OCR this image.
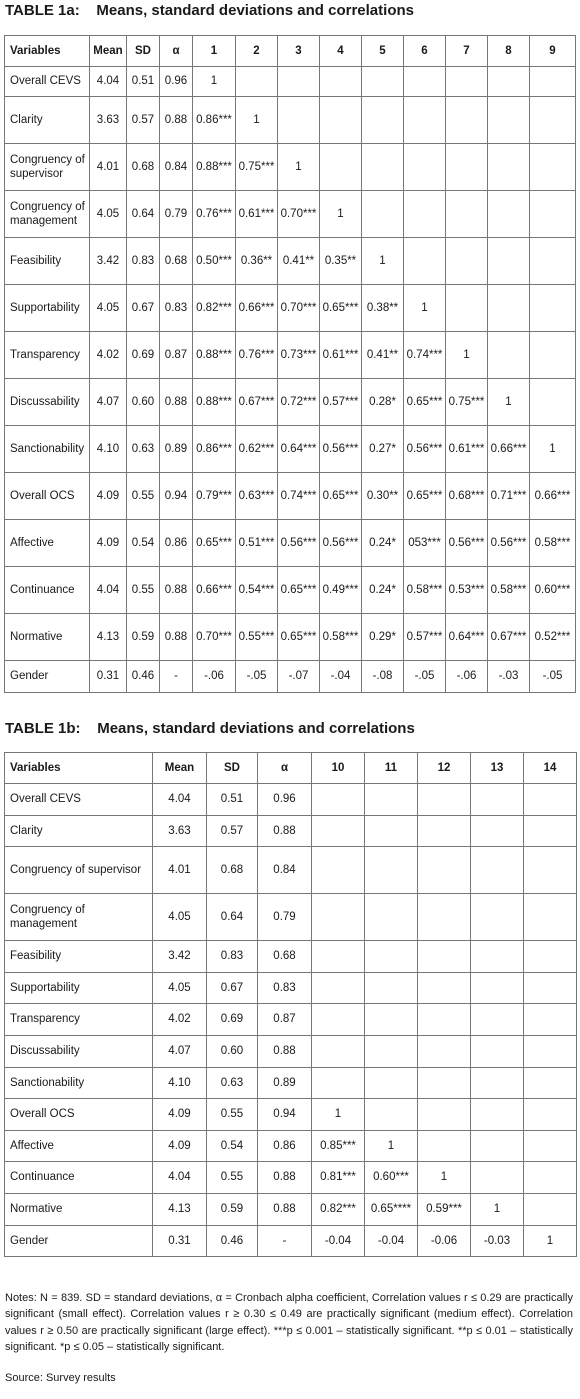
TABLE 1a:    Means, standard deviations and correlations
Variables	Mean	SD	α	1	2	3	4	5	6	7	8	9
Overall CEVS	4.04	0.51	0.96	1								
Clarity	3.63	0.57	0.88	0.86***	1							
Congruency of supervisor	4.01	0.68	0.84	0.88***	0.75***	1						
Congruency of management	4.05	0.64	0.79	0.76***	0.61***	0.70***	1					
Feasibility	3.42	0.83	0.68	0.50***	0.36**	0.41**	0.35**	1				
Supportability	4.05	0.67	0.83	0.82***	0.66***	0.70***	0.65***	0.38**	1			
Transparency	4.02	0.69	0.87	0.88***	0.76***	0.73***	0.61***	0.41**	0.74***	1		
Discussability	4.07	0.60	0.88	0.88***	0.67***	0.72***	0.57***	0.28*	0.65***	0.75***	1	
Sanctionability	4.10	0.63	0.89	0.86***	0.62***	0.64***	0.56***	0.27*	0.56***	0.61***	0.66***	1
Overall OCS	4.09	0.55	0.94	0.79***	0.63***	0.74***	0.65***	0.30**	0.65***	0.68***	0.71***	0.66***
Affective	4.09	0.54	0.86	0.65***	0.51***	0.56***	0.56***	0.24*	053***	0.56***	0.56***	0.58***
Continuance	4.04	0.55	0.88	0.66***	0.54***	0.65***	0.49***	0.24*	0.58***	0.53***	0.58***	0.60***
Normative	4.13	0.59	0.88	0.70***	0.55***	0.65***	0.58***	0.29*	0.57***	0.64***	0.67***	0.52***
Gender	0.31	0.46	-	-.06	-.05	-.07	-.04	-.08	-.05	-.06	-.03	-.05
TABLE 1b:    Means, standard deviations and correlations
Variables	Mean	SD	α	10	11	12	13	14
Overall CEVS	4.04	0.51	0.96					
Clarity	3.63	0.57	0.88					
Congruency of supervisor	4.01	0.68	0.84					
Congruency of management	4.05	0.64	0.79					
Feasibility	3.42	0.83	0.68					
Supportability	4.05	0.67	0.83					
Transparency	4.02	0.69	0.87					
Discussability	4.07	0.60	0.88					
Sanctionability	4.10	0.63	0.89					
Overall OCS	4.09	0.55	0.94	1				
Affective	4.09	0.54	0.86	0.85***	1			
Continuance	4.04	0.55	0.88	0.81***	0.60***	1		
Normative	4.13	0.59	0.88	0.82***	0.65****	0.59***	1	
Gender	0.31	0.46	-	-0.04	-0.04	-0.06	-0.03	1
Notes: N = 839. SD = standard deviations, α = Cronbach alpha coefficient, Correlation values r ≤ 0.29 are practically significant (small effect). Correlation values r ≥ 0.30 ≤ 0.49 are practically significant (medium effect). Correlation values r ≥ 0.50 are practically significant (large effect). ***p ≤ 0.001 – statistically significant. **p ≤ 0.01 – statistically significant. *p ≤ 0.05 – statistically significant.
Source: Survey results
